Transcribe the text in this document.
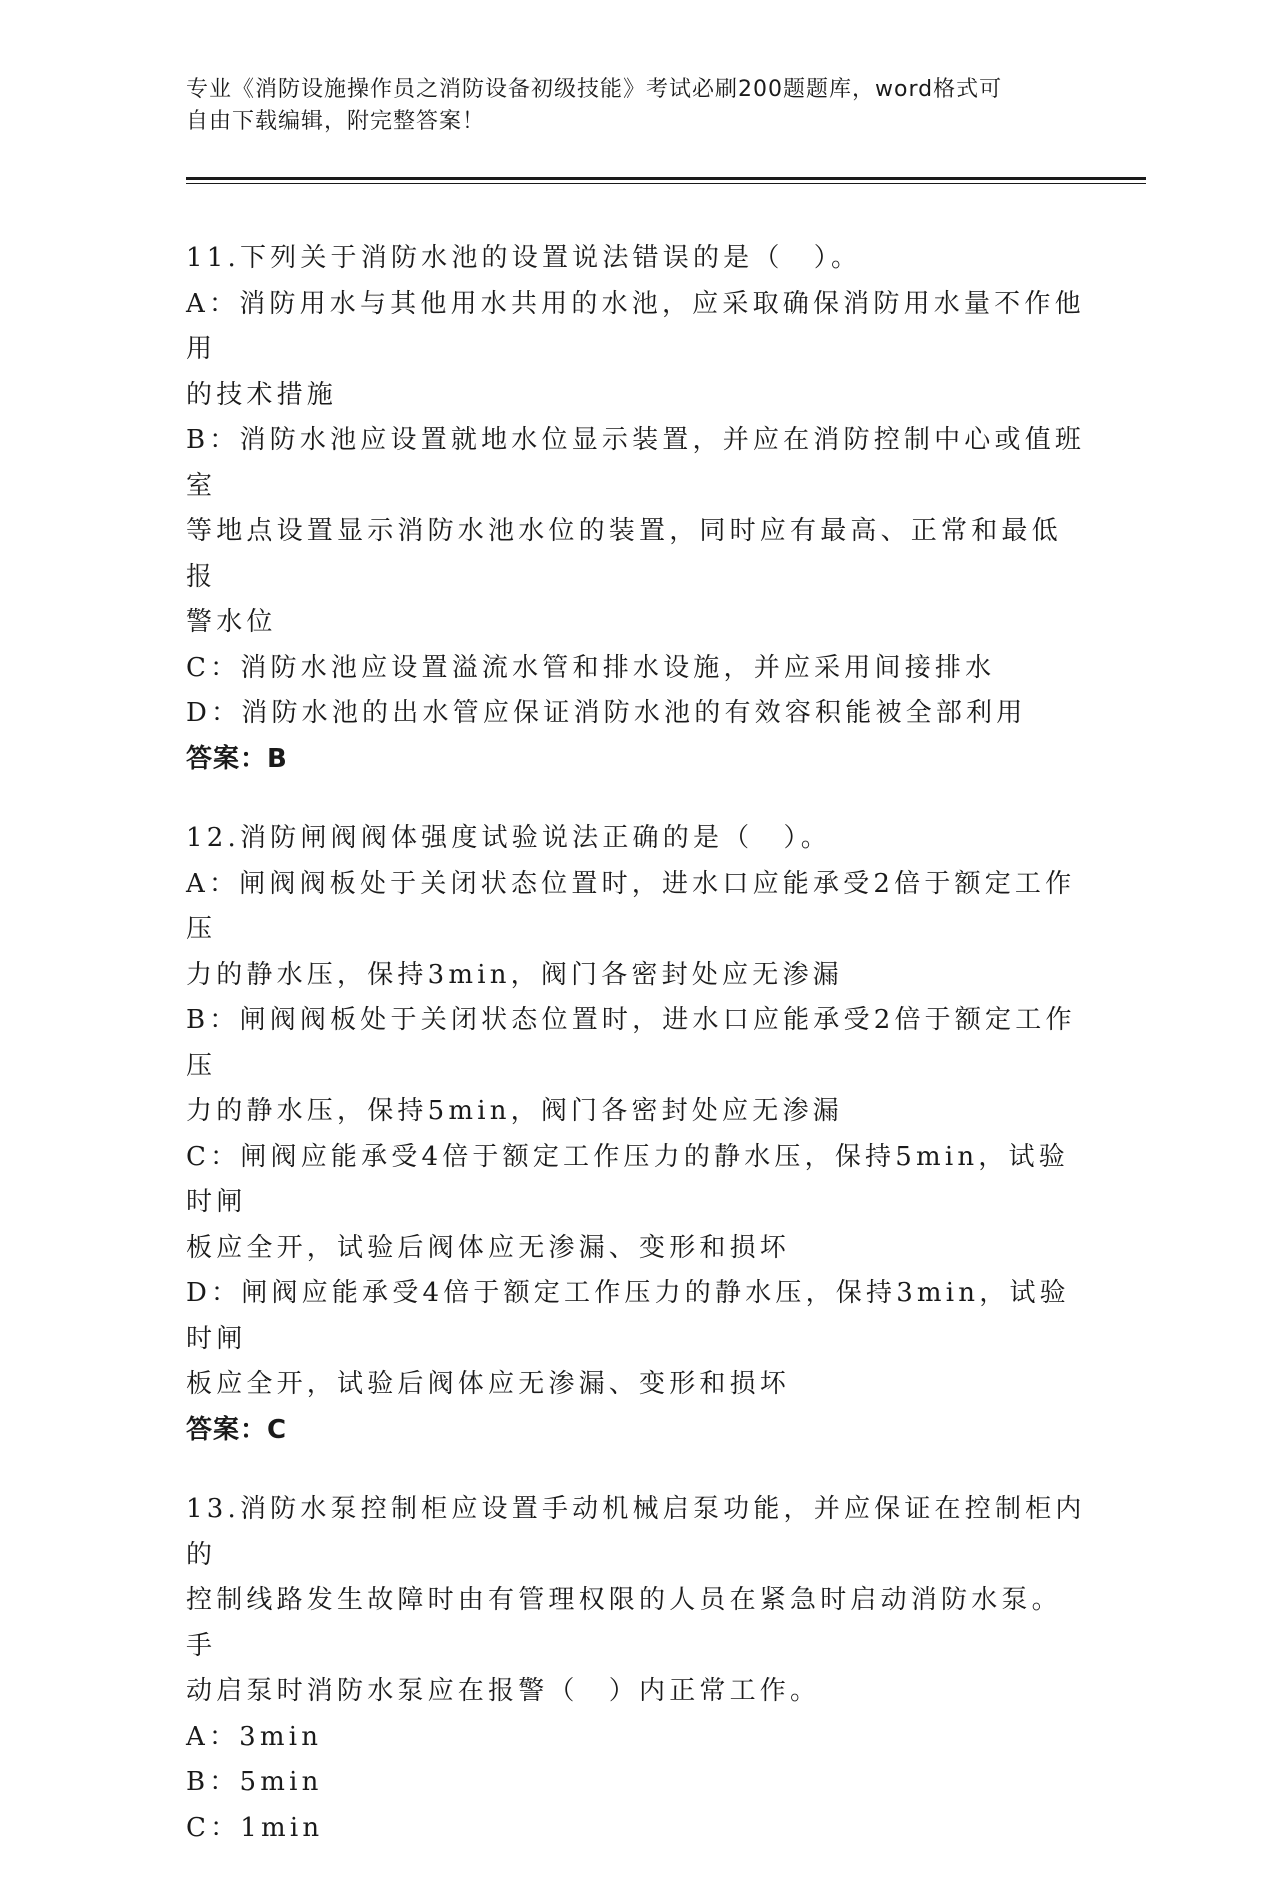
专业《消防设施操作员之消防设备初级技能》考试必刷200题题库，word格式可
自由下载编辑，附完整答案！
11.下列关于消防水池的设置说法错误的是（　）。
A：消防用水与其他用水共用的水池，应采取确保消防用水量不作他用
的技术措施
B：消防水池应设置就地水位显示装置，并应在消防控制中心或值班室
等地点设置显示消防水池水位的装置，同时应有最高、正常和最低报
警水位
C：消防水池应设置溢流水管和排水设施，并应采用间接排水
D：消防水池的出水管应保证消防水池的有效容积能被全部利用
答案：B
12.消防闸阀阀体强度试验说法正确的是（　）。
A：闸阀阀板处于关闭状态位置时，进水口应能承受2倍于额定工作压
力的静水压，保持3min，阀门各密封处应无渗漏
B：闸阀阀板处于关闭状态位置时，进水口应能承受2倍于额定工作压
力的静水压，保持5min，阀门各密封处应无渗漏
C：闸阀应能承受4倍于额定工作压力的静水压，保持5min，试验时闸
板应全开，试验后阀体应无渗漏、变形和损坏
D：闸阀应能承受4倍于额定工作压力的静水压，保持3min，试验时闸
板应全开，试验后阀体应无渗漏、变形和损坏
答案：C
13.消防水泵控制柜应设置手动机械启泵功能，并应保证在控制柜内的
控制线路发生故障时由有管理权限的人员在紧急时启动消防水泵。手
动启泵时消防水泵应在报警（　）内正常工作。
A：3min
B：5min
C：1min
